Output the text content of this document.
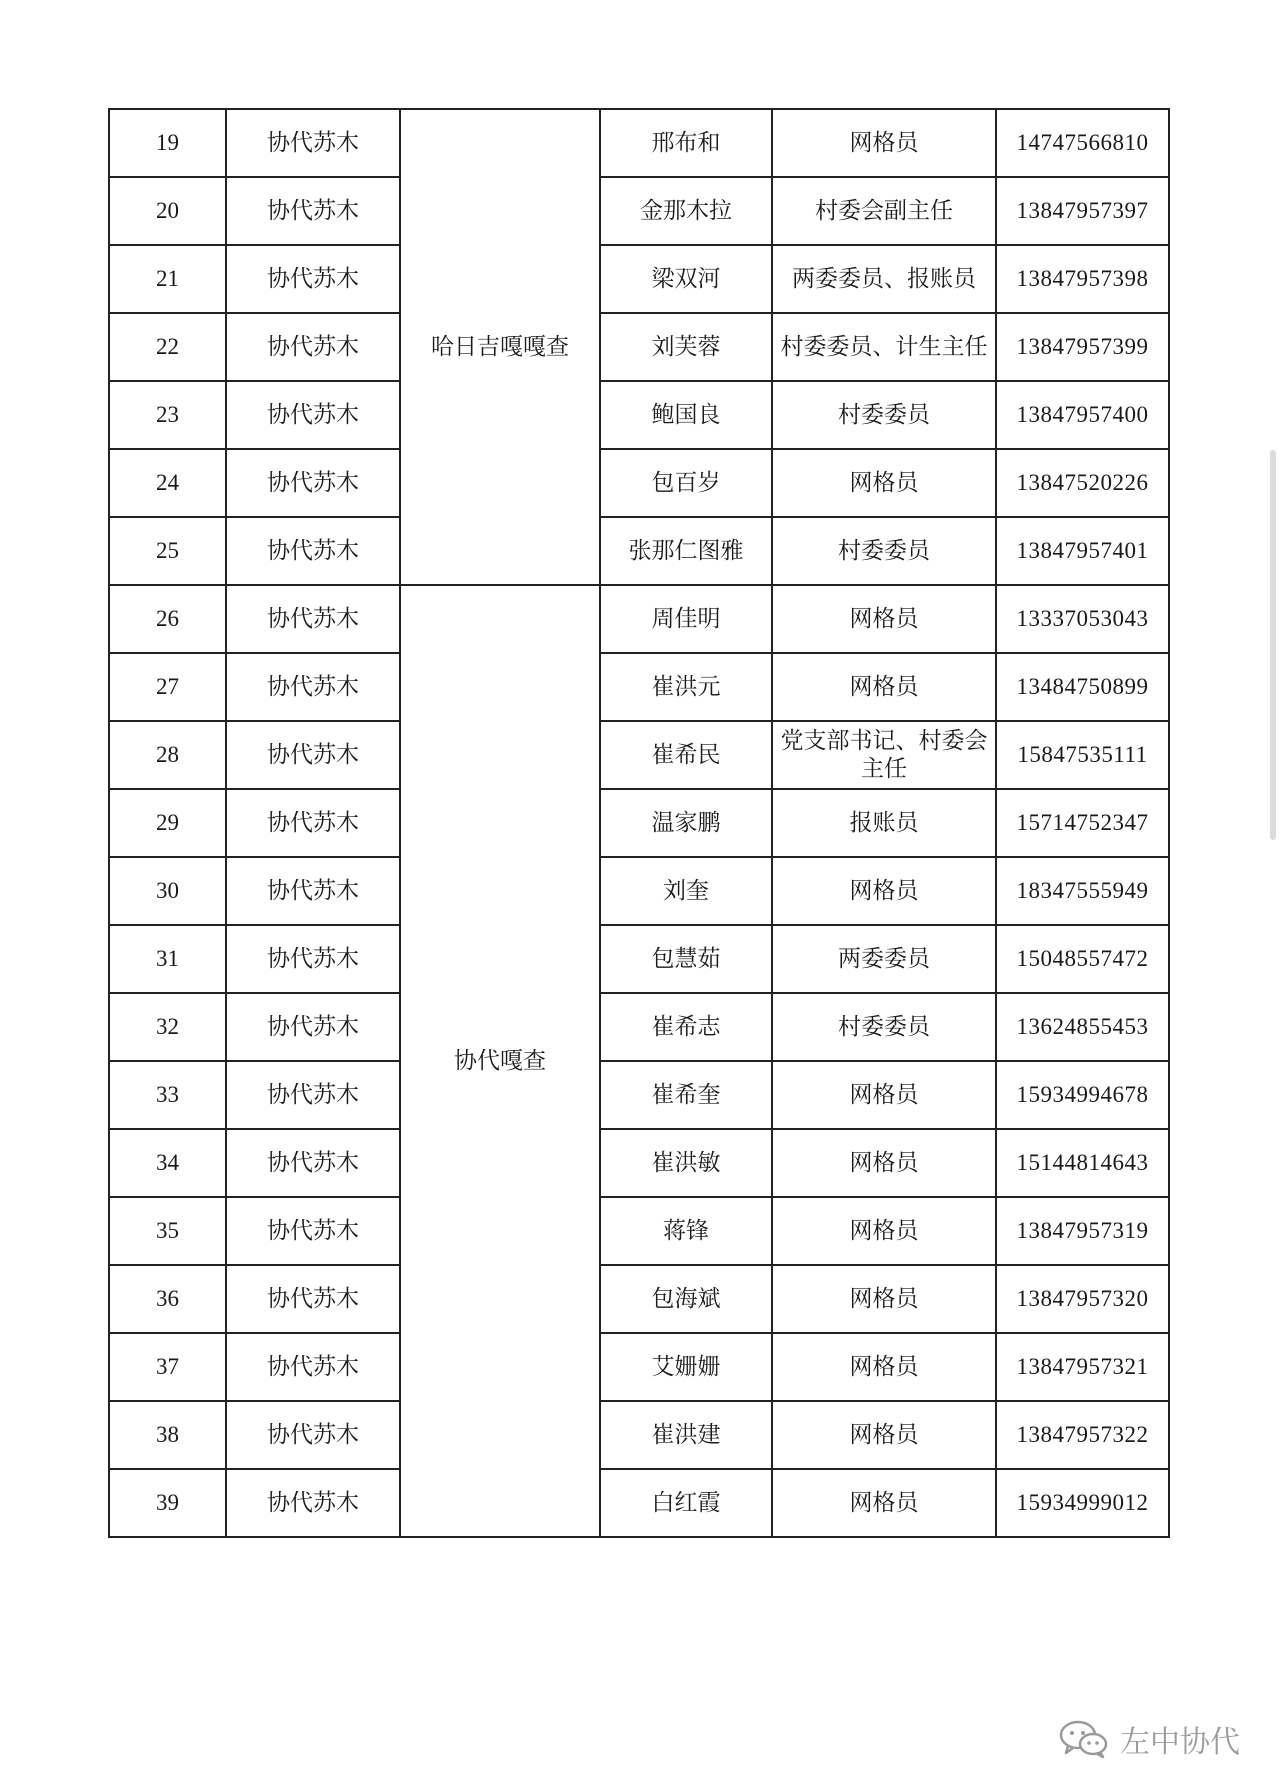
19	协代苏木	哈日吉嘎嘎查	邢布和	网格员	14747566810
20	协代苏木		金那木拉	村委会副主任	13847957397
21	协代苏木		梁双河	两委委员、报账员	13847957398
22	协代苏木		刘芙蓉	村委委员、计生主任	13847957399
23	协代苏木		鲍国良	村委委员	13847957400
24	协代苏木		包百岁	网格员	13847520226
25	协代苏木		张那仁图雅	村委委员	13847957401
26	协代苏木	协代嘎查	周佳明	网格员	13337053043
27	协代苏木		崔洪元	网格员	13484750899
28	协代苏木		崔希民	党支部书记、村委会主任	15847535111
29	协代苏木		温家鹏	报账员	15714752347
30	协代苏木		刘奎	网格员	18347555949
31	协代苏木		包慧茹	两委委员	15048557472
32	协代苏木		崔希志	村委委员	13624855453
33	协代苏木		崔希奎	网格员	15934994678
34	协代苏木		崔洪敏	网格员	15144814643
35	协代苏木		蒋锋	网格员	13847957319
36	协代苏木		包海斌	网格员	13847957320
37	协代苏木		艾姗姗	网格员	13847957321
38	协代苏木		崔洪建	网格员	13847957322
39	协代苏木		白红霞	网格员	15934999012
左中协代
